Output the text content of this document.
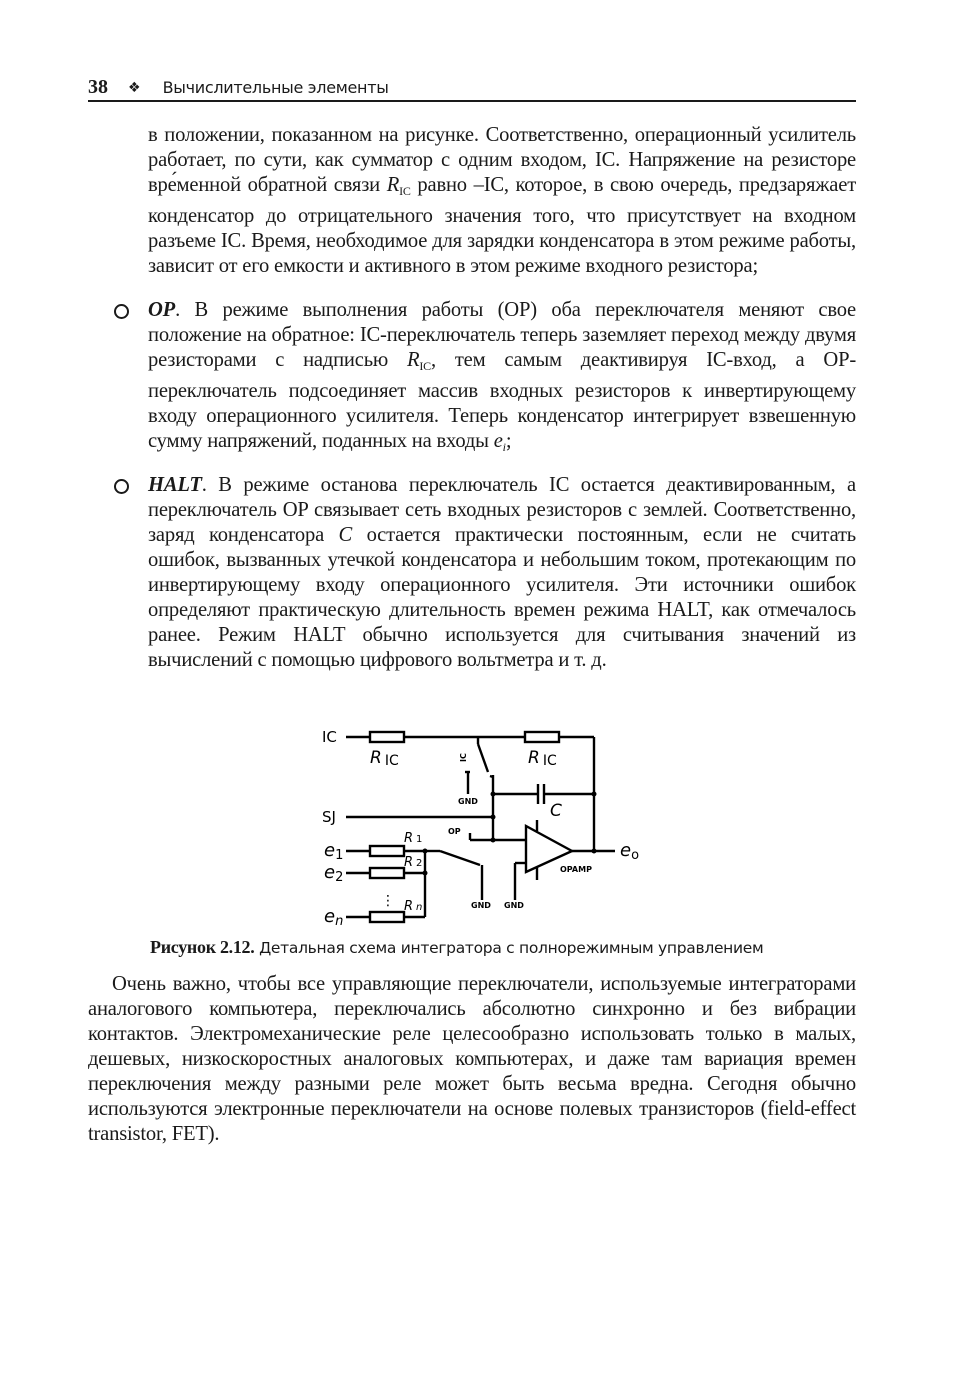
38 ❖ Вычислительные элементы
в положении, показанном на рисунке. Соответственно, операционный усилитель работает, по сути, как сумматор с одним входом, IC. Напряжение на резисторе вре́менной обратной связи $R_{IC}$ равно –IC, которое, в свою очередь, предзаряжает конденсатор до отрицательного значения того, что присутствует на входном разъеме IC. Время, необходимое для зарядки конденсатора в этом режиме работы, зависит от его емкости и активного в этом режиме входного резистора;
OP. В режиме выполнения работы (OP) оба переключателя меняют свое положение на обратное: IC-переключатель теперь заземляет переход между двумя резисторами с надписью $R_{IC}$, тем самым деактивируя IC-вход, а OP-переключатель подсоединяет массив входных резисторов к инвертирующему входу операционного усилителя. Теперь конденсатор интегрирует взвешенную сумму напряжений, поданных на входы $e_i$;
HALT. В режиме останова переключатель IC остается деактивированным, а переключатель OP связывает сеть входных резисторов с землей. Соответственно, заряд конденсатора C остается практически постоянным, если не считать ошибок, вызванных утечкой конденсатора и небольшим током, протекающим по инвертирующему входу операционного усилителя. Эти источники ошибок определяют практическую длительность времен режима HALT, как отмечалось ранее. Режим HALT обычно используется для считывания значений из вычислений с помощью цифрового вольтметра и т. д.
IC
SJ
R IC	R IC
C
e1
e2
en
R 1
R 2
R n
⋮
eo
IC
OP
GND
GND GND
OPAMP
Рисунок 2.12. Детальная схема интегратора с полнорежимным управлением
Очень важно, чтобы все управляющие переключатели, используемые интеграторами аналогового компьютера, переключались абсолютно синхронно и без вибрации контактов. Электромеханические реле целесообразно использовать только в малых, дешевых, низкоскоростных аналоговых компьютерах, и даже там вариация времен переключения между разными реле может быть весьма вредна. Сегодня обычно используются электронные переключатели на основе полевых транзисторов (field-effect transistor, FET).
